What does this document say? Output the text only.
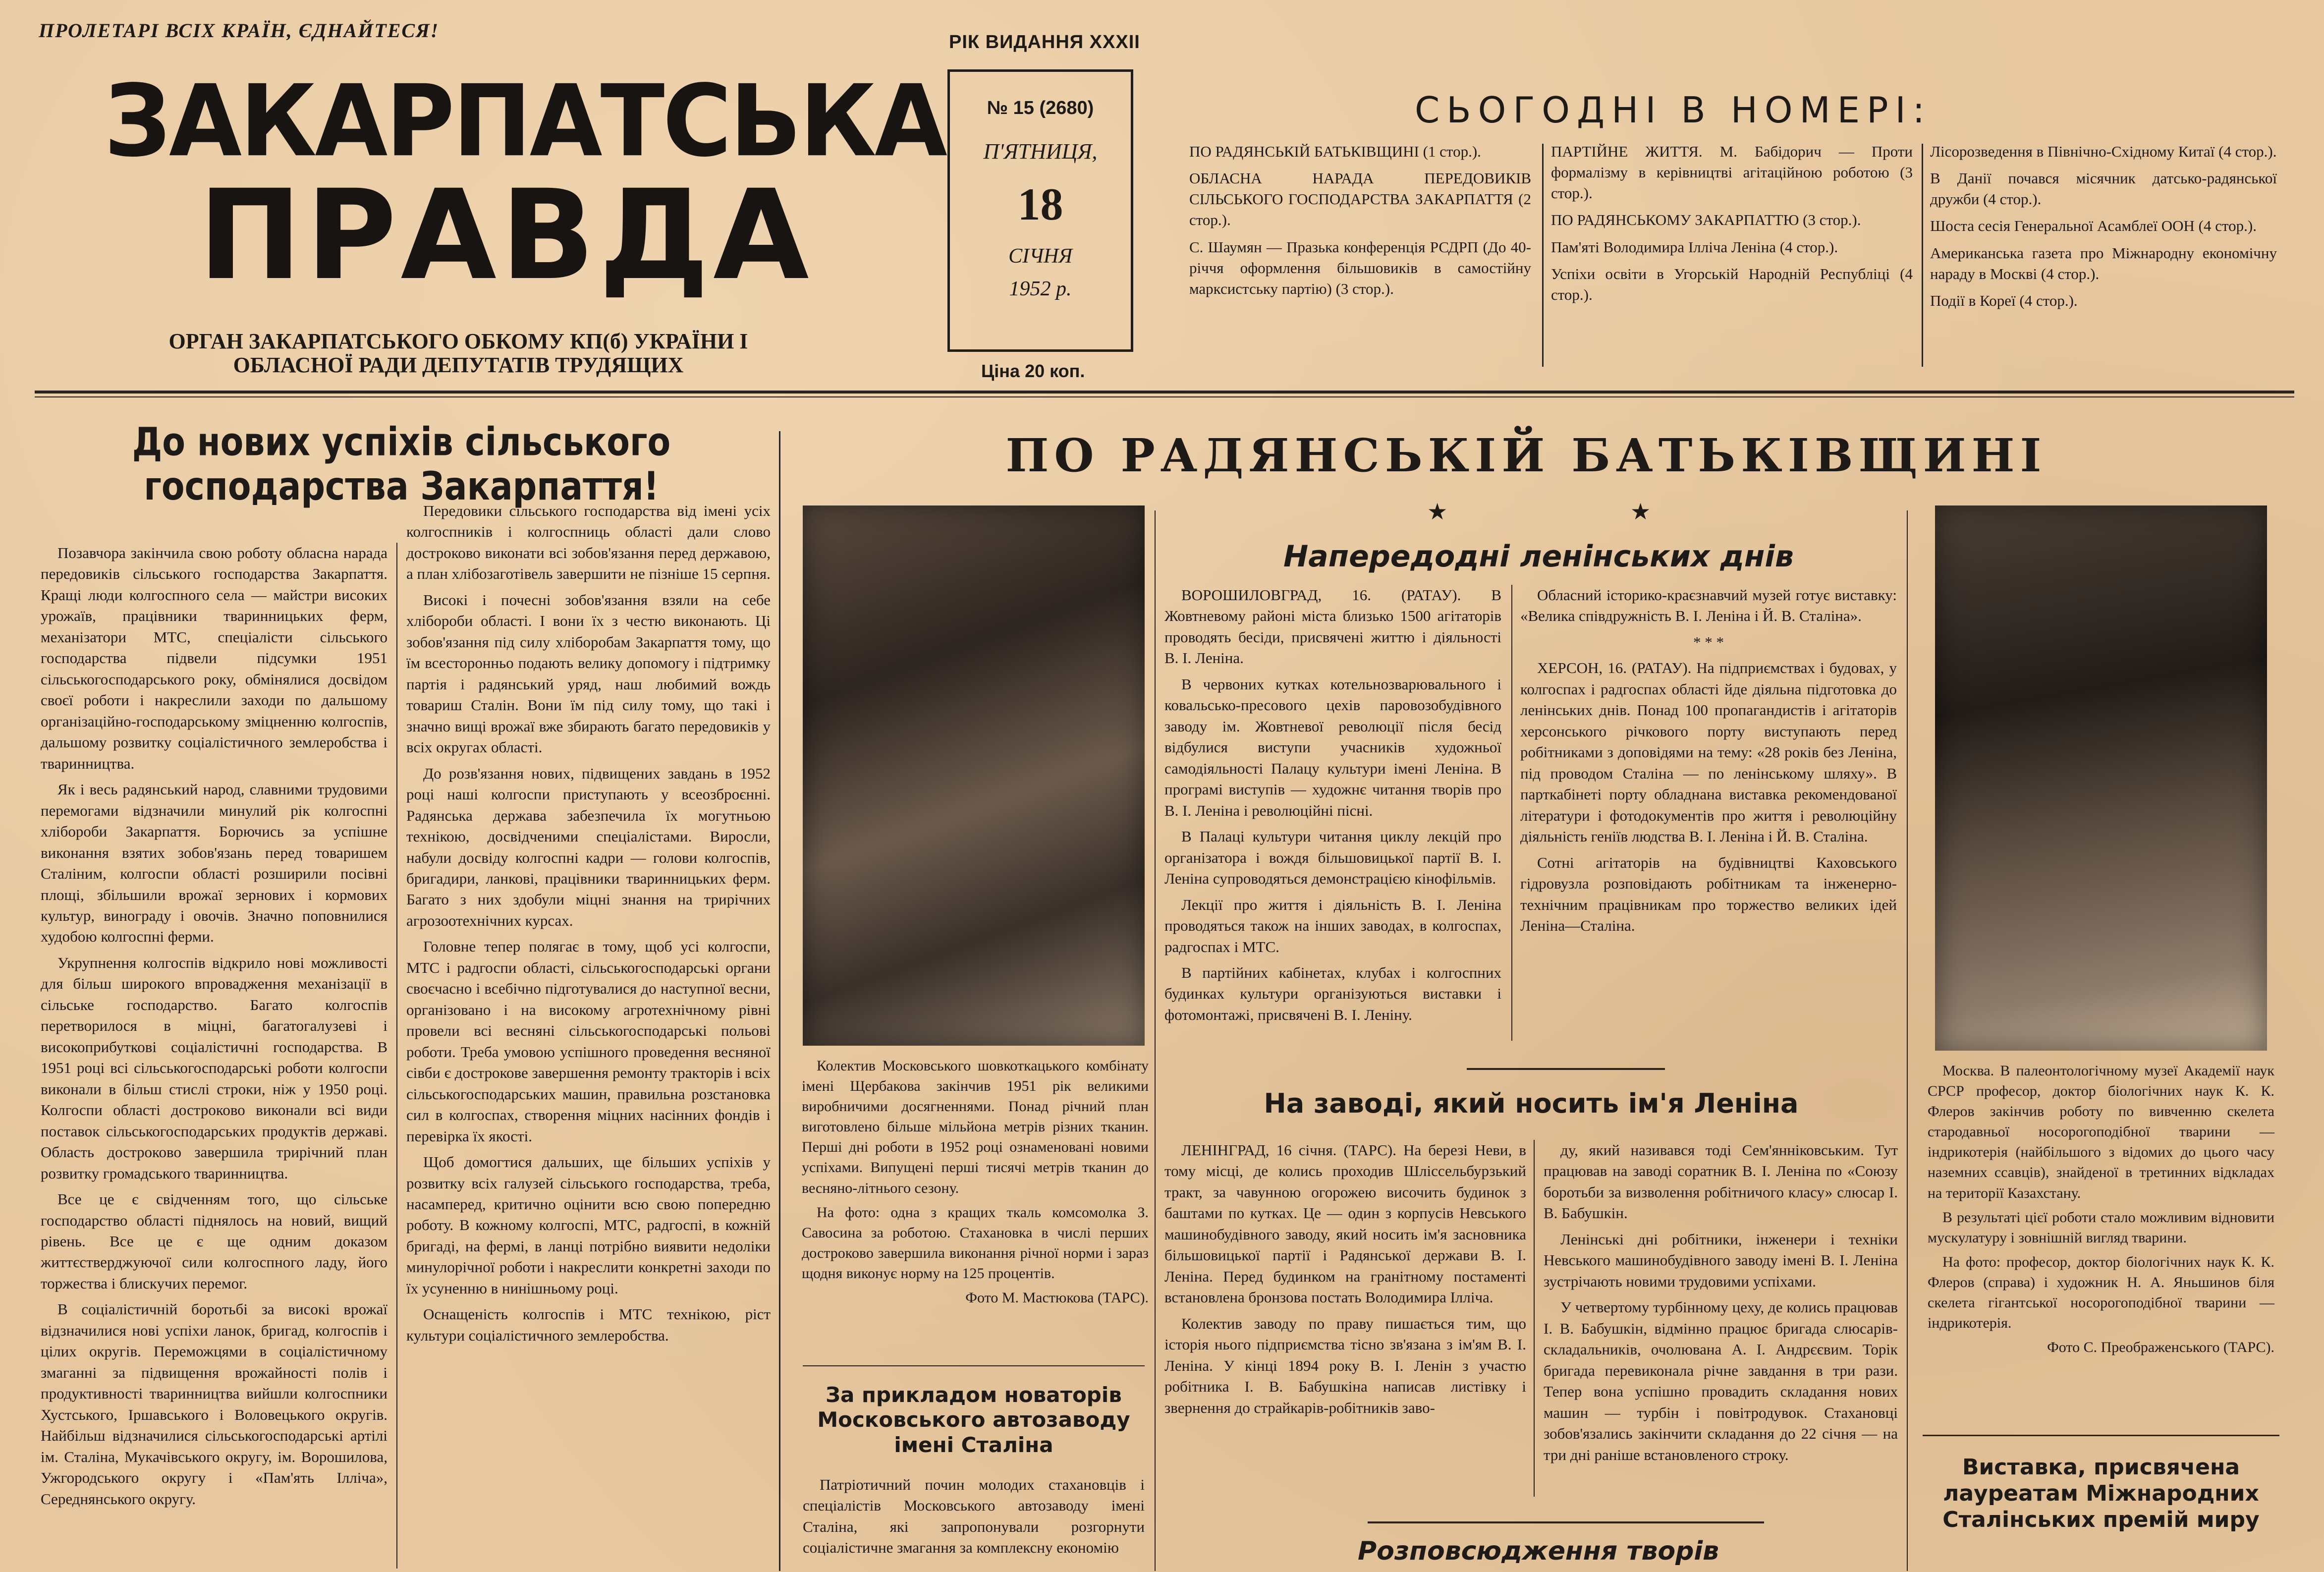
ПРОЛЕТАРІ ВСІХ КРАЇН, ЄДНАЙТЕСЯ!
ЗАКАРПАТСЬКА
ПРАВДА
ОРГАН ЗАКАРПАТСЬКОГО ОБКОМУ КП(б) УКРАЇНИ І ОБЛАСНОЇ РАДИ ДЕПУТАТІВ ТРУДЯЩИХ
РІК ВИДАННЯ XXXII
№ 15 (2680)
П'ЯТНИЦЯ,
18
СІЧНЯ
1952 р.
Ціна 20 коп.
СЬОГОДНІ В НОМЕРІ:

ПО РАДЯНСЬКІЙ БАТЬКІВЩИНІ (1 стор.).

ОБЛАСНА НАРАДА ПЕРЕДОВИКІВ СІЛЬСЬКОГО ГОСПОДАРСТВА ЗАКАРПАТТЯ (2 стор.).

С. Шаумян — Празька конференція РСДРП (До 40-річчя оформлення більшовиків в самостійну марксистську партію) (3 стор.).

ПАРТІЙНЕ ЖИТТЯ. М. Бабідорич — Проти формалізму в керівництві агітаційною роботою (3 стор.).

ПО РАДЯНСЬКОМУ ЗАКАРПАТТЮ (3 стор.).

Пам'яті Володимира Ілліча Леніна (4 стор.).

Успіхи освіти в Угорській Народній Республіці (4 стор.).

Лісорозведення в Північно-Східному Китаї (4 стор.).

В Данії почався місячник датсько-радянської дружби (4 стор.).

Шоста сесія Генеральної Асамблеї ООН (4 стор.).

Американська газета про Міжнародну економічну нараду в Москві (4 стор.).

Події в Кореї (4 стор.).

До нових успіхів сільського господарства Закарпаття!

Позавчора закінчила свою роботу обласна нарада передовиків сільського господарства Закарпаття. Кращі люди колгоспного села — майстри високих урожаїв, працівники тваринницьких ферм, механізатори МТС, спеціалісти сільського господарства підвели підсумки 1951 сільськогосподарського року, обмінялися досвідом своєї роботи і накреслили заходи по дальшому організаційно-господарському зміцненню колгоспів, дальшому розвитку соціалістичного землеробства і тваринництва.

Як і весь радянський народ, славними трудовими перемогами відзначили минулий рік колгоспні хлібороби Закарпаття. Борючись за успішне виконання взятих зобов'язань перед товаришем Сталіним, колгоспи області розширили посівні площі, збільшили врожаї зернових і кормових культур, винограду і овочів. Значно поповнилися худобою колгоспні ферми.

Укрупнення колгоспів відкрило нові можливості для більш широкого впровадження механізації в сільське господарство. Багато колгоспів перетворилося в міцні, багатогалузеві і високоприбуткові соціалістичні господарства. В 1951 році всі сільськогосподарські роботи колгоспи виконали в більш стислі строки, ніж у 1950 році. Колгоспи області достроково виконали всі види поставок сільськогосподарських продуктів державі. Область достроково завершила трирічний план розвитку громадського тваринництва.

Все це є свідченням того, що сільське господарство області піднялось на новий, вищий рівень. Все це є ще одним доказом життєстверджуючої сили колгоспного ладу, його торжества і блискучих перемог.

В соціалістичній боротьбі за високі врожаї відзначилися нові успіхи ланок, бригад, колгоспів і цілих округів. Переможцями в соціалістичному змаганні за підвищення врожайності полів і продуктивності тваринництва вийшли колгоспники Хустського, Іршавського і Воловецького округів. Найбільш відзначилися сільськогосподарські артілі ім. Сталіна, Мукачівського округу, ім. Ворошилова, Ужгородського округу і «Пам'ять Ілліча», Середнянського округу.

Передовики сільського господарства від імені усіх колгоспників і колгоспниць області дали слово достроково виконати всі зобов'язання перед державою, а план хлібозаготівель завершити не пізніше 15 серпня.

Високі і почесні зобов'язання взяли на себе хлібороби області. І вони їх з честю виконають. Ці зобов'язання під силу хліборобам Закарпаття тому, що їм всесторонньо подають велику допомогу і підтримку партія і радянський уряд, наш любимий вождь товариш Сталін. Вони їм під силу тому, що такі і значно вищі врожаї вже збирають багато передовиків у всіх округах області.

До розв'язання нових, підвищених завдань в 1952 році наші колгоспи приступають у всеозброєнні. Радянська держава забезпечила їх могутньою технікою, досвідченими спеціалістами. Виросли, набули досвіду колгоспні кадри — голови колгоспів, бригадири, ланкові, працівники тваринницьких ферм. Багато з них здобули міцні знання на трирічних агрозоотехнічних курсах.

Головне тепер полягає в тому, щоб усі колгоспи, МТС і радгоспи області, сільськогосподарські органи своєчасно і всебічно підготувалися до наступної весни, організовано і на високому агротехнічному рівні провели всі весняні сільськогосподарські польові роботи. Треба умовою успішного проведення весняної сівби є дострокове завершення ремонту тракторів і всіх сільськогосподарських машин, правильна розстановка сил в колгоспах, створення міцних насінних фондів і перевірка їх якості.

Щоб домогтися дальших, ще більших успіхів у розвитку всіх галузей сільського господарства, треба, насамперед, критично оцінити всю свою попередню роботу. В кожному колгоспі, МТС, радгоспі, в кожній бригаді, на фермі, в ланці потрібно виявити недоліки минулорічної роботи і накреслити конкретні заходи по їх усуненню в нинішньому році.

Оснащеність колгоспів і МТС технікою, ріст культури соціалістичного землеробства.

ПО РАДЯНСЬКІЙ БАТЬКІВЩИНІ
★	★

Колектив Московського шовкоткацького комбінату імені Щербакова закінчив 1951 рік великими виробничими досягненнями. Понад річний план виготовлено більше мільйона метрів різних тканин. Перші дні роботи в 1952 році ознаменовані новими успіхами. Випущені перші тисячі метрів тканин до весняно-літнього сезону.

На фото: одна з кращих ткаль комсомолка З. Савосина за роботою. Стахановка в числі перших достроково завершила виконання річної норми і зараз щодня виконує норму на 125 процентів.

Фото М. Мастюкова (ТАРС).

За прикладом новаторів Московського автозаводу імені Сталіна

Патріотичний почин молодих стахановців і спеціалістів Московського автозаводу імені Сталіна, які запропонували розгорнути соціалістичне змагання за комплексну економію

Напередодні ленінських днів

ВОРОШИЛОВГРАД, 16. (РАТАУ). В Жовтневому районі міста близько 1500 агітаторів проводять бесіди, присвячені життю і діяльності В. І. Леніна.

В червоних кутках котельнозварювального і ковальсько-пресового цехів паровозобудівного заводу ім. Жовтневої революції після бесід відбулися виступи учасників художньої самодіяльності Палацу культури імені Леніна. В програмі виступів — художнє читання творів про В. І. Леніна і революційні пісні.

В Палаці культури читання циклу лекцій про організатора і вождя більшовицької партії В. І. Леніна супроводяться демонстрацією кінофільмів.

Лекції про життя і діяльність В. І. Леніна проводяться також на інших заводах, в колгоспах, радгоспах і МТС.

В партійних кабінетах, клубах і колгоспних будинках культури організуються виставки і фотомонтажі, присвячені В. І. Леніну.

Обласний історико-краєзнавчий музей готує виставку: «Велика співдружність В. І. Леніна і Й. В. Сталіна».

* * *

ХЕРСОН, 16. (РАТАУ). На підприємствах і будовах, у колгоспах і радгоспах області йде діяльна підготовка до ленінських днів. Понад 100 пропагандистів і агітаторів херсонського річкового порту виступають перед робітниками з доповідями на тему: «28 років без Леніна, під проводом Сталіна — по ленінському шляху». В парткабінеті порту обладнана виставка рекомендованої літератури і фотодокументів про життя і революційну діяльність геніїв людства В. І. Леніна і Й. В. Сталіна.

Сотні агітаторів на будівництві Каховського гідровузла розповідають робітникам та інженерно-технічним працівникам про торжество великих ідей Леніна—Сталіна.

На заводі, який носить ім'я Леніна

ЛЕНІНГРАД, 16 січня. (ТАРС). На березі Неви, в тому місці, де колись проходив Шліссельбурзький тракт, за чавунною огорожею височить будинок з баштами по кутках. Це — один з корпусів Невського машинобудівного заводу, який носить ім'я засновника більшовицької партії і Радянської держави В. І. Леніна. Перед будинком на гранітному постаменті встановлена бронзова постать Володимира Ілліча.

Колектив заводу по праву пишається тим, що історія нього підприємства тісно зв'язана з ім'ям В. І. Леніна. У кінці 1894 року В. І. Ленін з участю робітника І. В. Бабушкіна написав листівку і звернення до страйкарів-робітників заво-

ду, який називався тоді Сем'янніковським. Тут працював на заводі соратник В. І. Леніна по «Союзу боротьби за визволення робітничого класу» слюсар І. В. Бабушкін.

Ленінські дні робітники, інженери і техніки Невського машинобудівного заводу імені В. І. Леніна зустрічають новими трудовими успіхами.

У четвертому турбінному цеху, де колись працював І. В. Бабушкін, відмінно працює бригада слюсарів-складальників, очолювана А. І. Андрєєвим. Торік бригада перевиконала річне завдання в три рази. Тепер вона успішно провадить складання нових машин — турбін і повітродувок. Стахановці зобов'язались закінчити складання до 22 січня — на три дні раніше встановленого строку.

Розповсюдження творів

Москва. В палеонтологічному музеї Академії наук СРСР професор, доктор біологічних наук К. К. Флеров закінчив роботу по вивченню скелета стародавньої носорогоподібної тварини — індрикотерія (найбільшого з відомих до цього часу наземних ссавців), знайденої в третинних відкладах на території Казахстану.

В результаті цієї роботи стало можливим відновити мускулатуру і зовнішній вигляд тварини.

На фото: професор, доктор біологічних наук К. К. Флеров (справа) і художник Н. А. Яньшинов біля скелета гігантської носорогоподібної тварини — індрикотерія.

Фото С. Преображенського (ТАРС).

Виставка, присвячена лауреатам Міжнародних Сталінських премій миру
